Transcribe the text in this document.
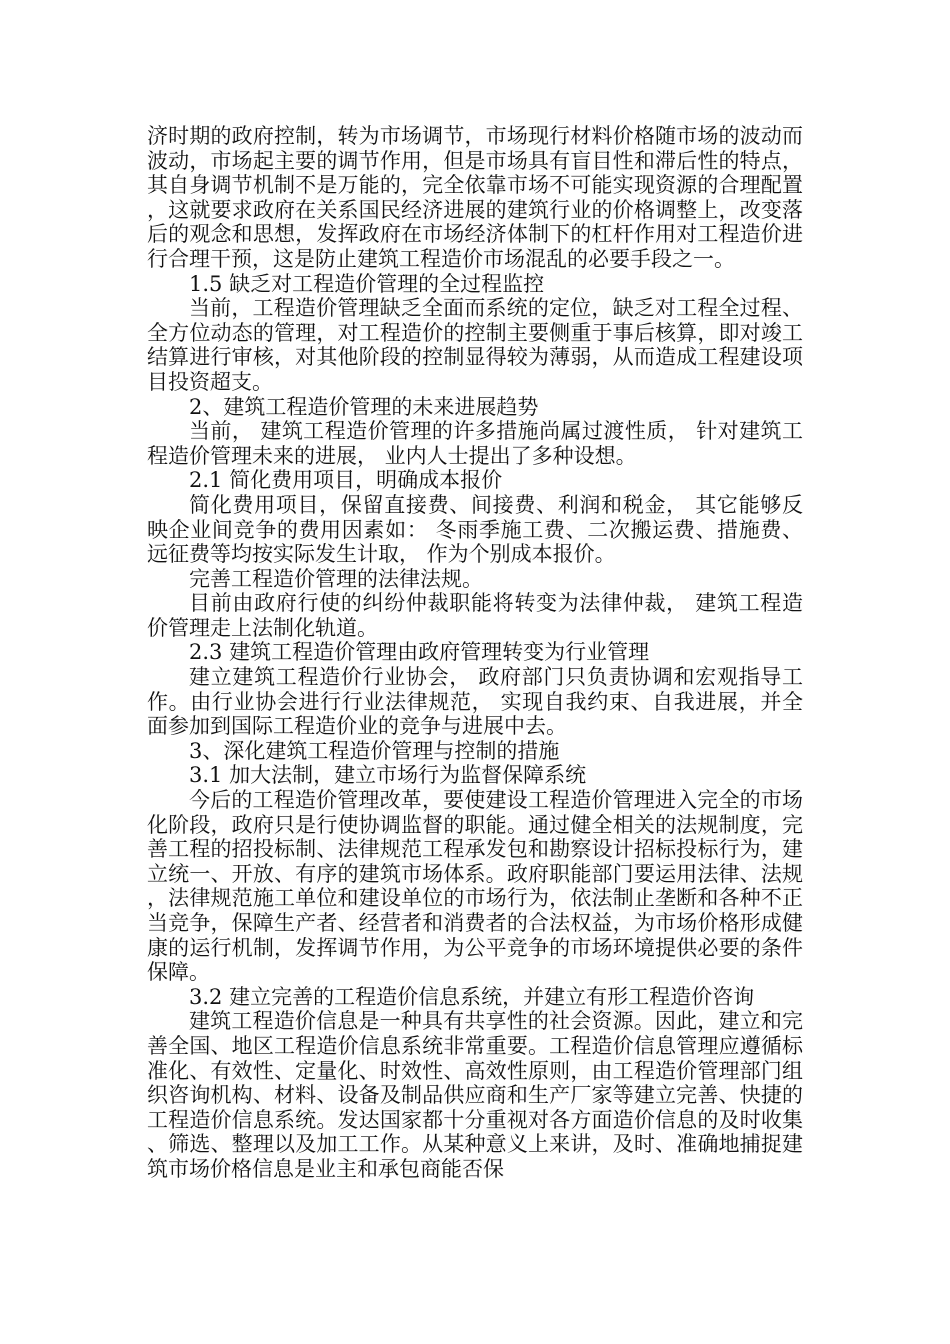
济时期的政府控制，转为市场调节，市场现行材料价格随市场的波动而波动，市场起主要的调节作用，但是市场具有盲目性和滞后性的特点，其自身调节机制不是万能的，完全依靠市场不可能实现资源的合理配置，这就要求政府在关系国民经济进展的建筑行业的价格调整上，改变落后的观念和思想，发挥政府在市场经济体制下的杠杆作用对工程造价进行合理干预，这是防止建筑工程造价市场混乱的必要手段之一。

1.5 缺乏对工程造价管理的全过程监控

当前，工程造价管理缺乏全面而系统的定位，缺乏对工程全过程、全方位动态的管理，对工程造价的控制主要侧重于事后核算，即对竣工结算进行审核，对其他阶段的控制显得较为薄弱，从而造成工程建设项目投资超支。

2、建筑工程造价管理的未来进展趋势

当前， 建筑工程造价管理的许多措施尚属过渡性质， 针对建筑工程造价管理未来的进展， 业内人士提出了多种设想。

2.1 简化费用项目，明确成本报价

简化费用项目，保留直接费、间接费、利润和税金， 其它能够反映企业间竞争的费用因素如： 冬雨季施工费、二次搬运费、措施费、远征费等均按实际发生计取， 作为个别成本报价。

完善工程造价管理的法律法规。

目前由政府行使的纠纷仲裁职能将转变为法律仲裁， 建筑工程造价管理走上法制化轨道。

2.3 建筑工程造价管理由政府管理转变为行业管理

建立建筑工程造价行业协会， 政府部门只负责协调和宏观指导工作。由行业协会进行行业法律规范， 实现自我约束、自我进展，并全面参加到国际工程造价业的竞争与进展中去。

3、深化建筑工程造价管理与控制的措施

3.1 加大法制，建立市场行为监督保障系统

今后的工程造价管理改革，要使建设工程造价管理进入完全的市场化阶段，政府只是行使协调监督的职能。通过健全相关的法规制度，完善工程的招投标制、法律规范工程承发包和勘察设计招标投标行为，建立统一、开放、有序的建筑市场体系。政府职能部门要运用法律、法规，法律规范施工单位和建设单位的市场行为，依法制止垄断和各种不正当竞争，保障生产者、经营者和消费者的合法权益，为市场价格形成健康的运行机制，发挥调节作用，为公平竞争的市场环境提供必要的条件保障。

3.2 建立完善的工程造价信息系统，并建立有形工程造价咨询

建筑工程造价信息是一种具有共享性的社会资源。因此，建立和完善全国、地区工程造价信息系统非常重要。工程造价信息管理应遵循标准化、有效性、定量化、时效性、高效性原则，由工程造价管理部门组织咨询机构、材料、设备及制品供应商和生产厂家等建立完善、快捷的工程造价信息系统。发达国家都十分重视对各方面造价信息的及时收集、筛选、整理以及加工工作。从某种意义上来讲，及时、准确地捕捉建筑市场价格信息是业主和承包商能否保
